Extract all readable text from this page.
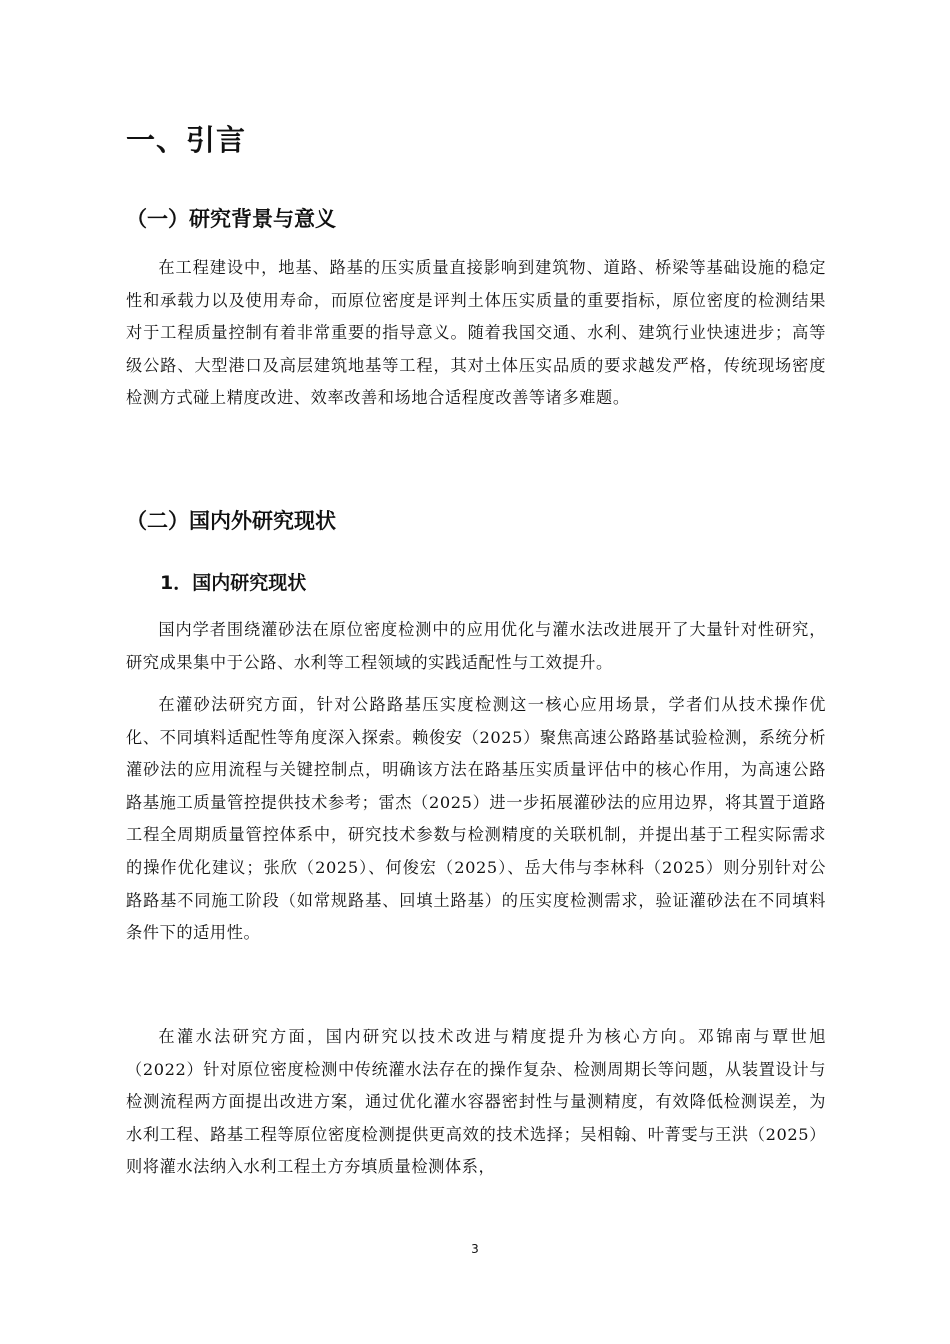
一、引言
（一）研究背景与意义

在工程建设中，地基、路基的压实质量直接影响到建筑物、道路、桥梁等基础设施的稳定性和承载力以及使用寿命，而原位密度是评判土体压实质量的重要指标，原位密度的检测结果对于工程质量控制有着非常重要的指导意义。随着我国交通、水利、建筑行业快速进步；高等级公路、大型港口及高层建筑地基等工程，其对土体压实品质的要求越发严格，传统现场密度检测方式碰上精度改进、效率改善和场地合适程度改善等诸多难题。

（二）国内外研究现状
1．国内研究现状

国内学者围绕灌砂法在原位密度检测中的应用优化与灌水法改进展开了大量针对性研究，研究成果集中于公路、水利等工程领域的实践适配性与工效提升。

在灌砂法研究方面，针对公路路基压实度检测这一核心应用场景，学者们从技术操作优化、不同填料适配性等角度深入探索。赖俊安（2025）聚焦高速公路路基试验检测，系统分析灌砂法的应用流程与关键控制点，明确该方法在路基压实质量评估中的核心作用，为高速公路路基施工质量管控提供技术参考；雷杰（2025）进一步拓展灌砂法的应用边界，将其置于道路工程全周期质量管控体系中，研究技术参数与检测精度的关联机制，并提出基于工程实际需求的操作优化建议；张欣（2025）、何俊宏（2025）、岳大伟与李林科（2025）则分别针对公路路基不同施工阶段（如常规路基、回填土路基）的压实度检测需求，验证灌砂法在不同填料条件下的适用性。

在灌水法研究方面，国内研究以技术改进与精度提升为核心方向。邓锦南与覃世旭（2022）针对原位密度检测中传统灌水法存在的操作复杂、检测周期长等问题，从装置设计与检测流程两方面提出改进方案，通过优化灌水容器密封性与量测精度，有效降低检测误差，为水利工程、路基工程等原位密度检测提供更高效的技术选择；吴相翰、叶菁雯与王洪（2025）则将灌水法纳入水利工程土方夯填质量检测体系，

3
